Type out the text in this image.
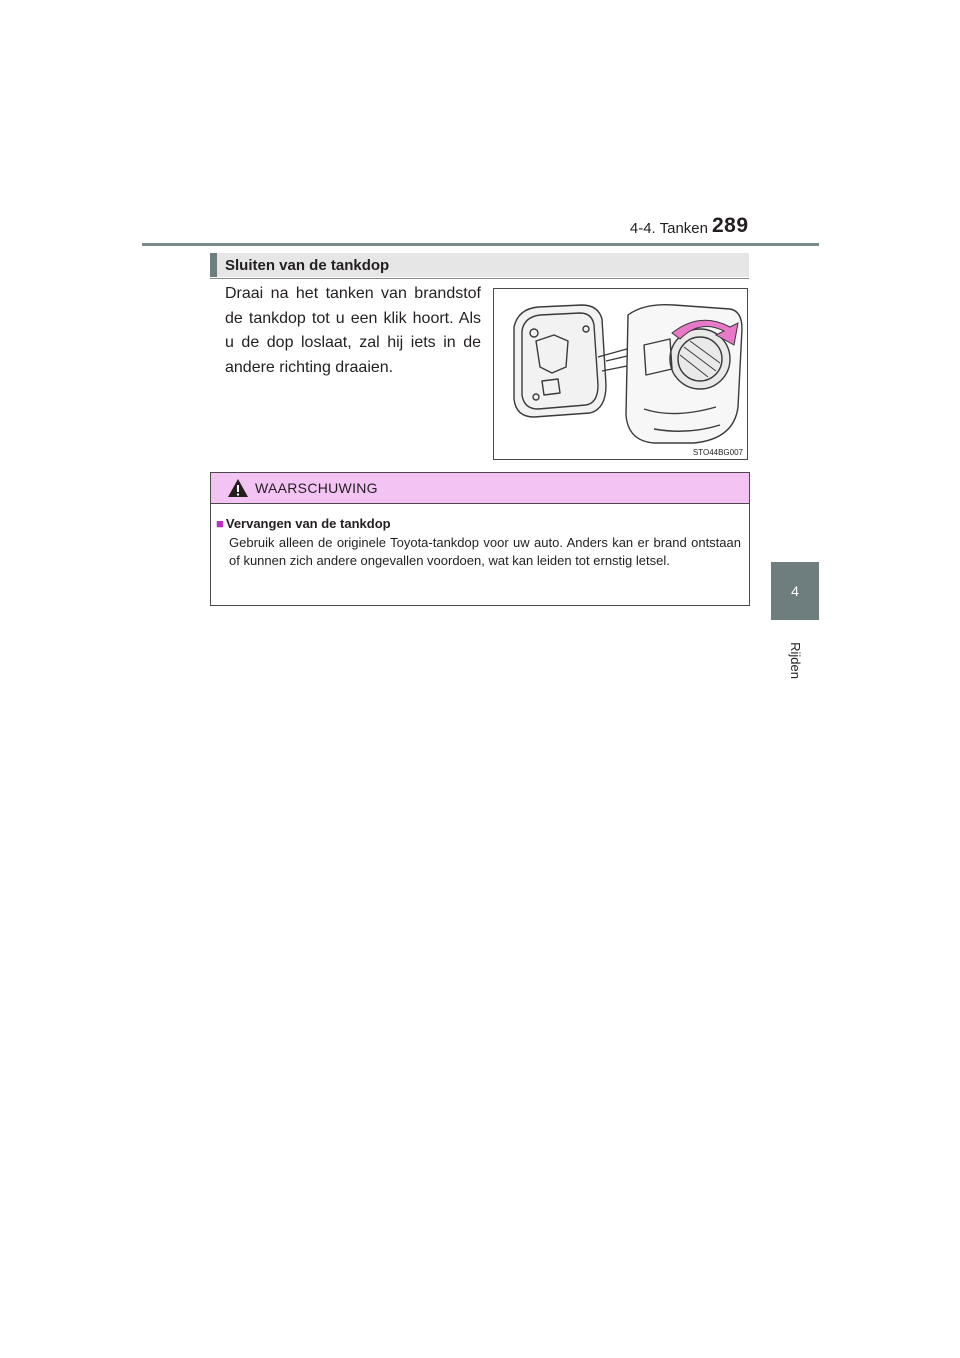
4-4. Tanken 289
4
Rijden
Sluiten van de tankdop

Draai na het tanken van brandstof de tankdop tot u een klik hoort. Als u de dop loslaat, zal hij iets in de andere richting draaien.

STO44BG007
WAARSCHUWING
■ Vervangen van de tankdop

Gebruik alleen de originele Toyota-tankdop voor uw auto. Anders kan er brand ontstaan of kunnen zich andere ongevallen voordoen, wat kan leiden tot ernstig letsel.
